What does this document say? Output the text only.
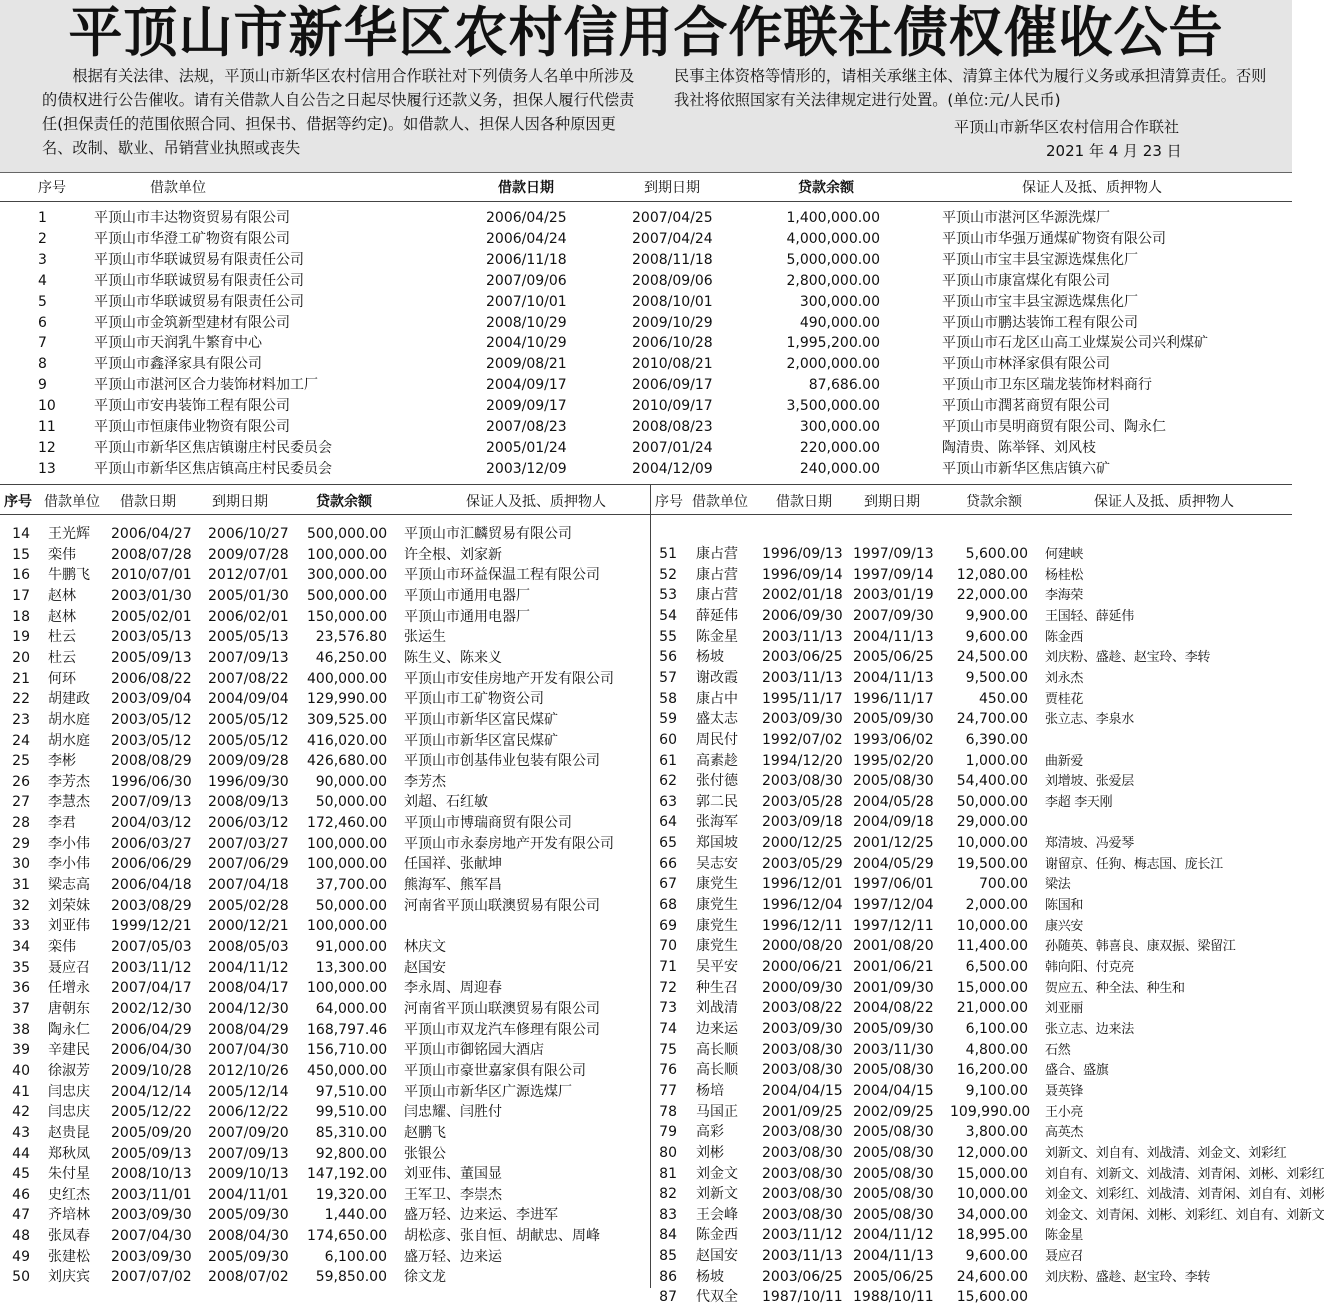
平顶山市新华区农村信用合作联社债权催收公告
根据有关法律、法规，平顶山市新华区农村信用合作联社对下列债务人名单中所涉及的债权进行公告催收。请有关借款人自公告之日起尽快履行还款义务，担保人履行代偿责任(担保责任的范围依照合同、担保书、借据等约定)。如借款人、担保人因各种原因更名、改制、歇业、吊销营业执照或丧失
民事主体资格等情形的，请相关承继主体、清算主体代为履行义务或承担清算责任。否则我社将依照国家有关法律规定进行处置。(单位:元/人民币)
平顶山市新华区农村信用合作联社
2021 年 4 月 23 日
序号	借款单位	借款日期	到期日期	贷款余额	保证人及抵、质押物人
1	平顶山市丰达物资贸易有限公司	2006/04/25	2007/04/25	1,400,000.00	平顶山市湛河区华源洗煤厂
2	平顶山市华澄工矿物资有限公司	2006/04/24	2007/04/24	4,000,000.00	平顶山市华强万通煤矿物资有限公司
3	平顶山市华联诚贸易有限责任公司	2006/11/18	2008/11/18	5,000,000.00	平顶山市宝丰县宝源选煤焦化厂
4	平顶山市华联诚贸易有限责任公司	2007/09/06	2008/09/06	2,800,000.00	平顶山市康富煤化有限公司
5	平顶山市华联诚贸易有限责任公司	2007/10/01	2008/10/01	300,000.00	平顶山市宝丰县宝源选煤焦化厂
6	平顶山市金筑新型建材有限公司	2008/10/29	2009/10/29	490,000.00	平顶山市鹏达装饰工程有限公司
7	平顶山市天润乳牛繁育中心	2004/10/29	2006/10/28	1,995,200.00	平顶山市石龙区山高工业煤炭公司兴利煤矿
8	平顶山市鑫泽家具有限公司	2009/08/21	2010/08/21	2,000,000.00	平顶山市林泽家俱有限公司
9	平顶山市湛河区合力装饰材料加工厂	2004/09/17	2006/09/17	87,686.00	平顶山市卫东区瑞龙装饰材料商行
10	平顶山市安冉装饰工程有限公司	2009/09/17	2010/09/17	3,500,000.00	平顶山市潤茗商贸有限公司
11	平顶山市恒康伟业物资有限公司	2007/08/23	2008/08/23	300,000.00	平顶山市昊明商贸有限公司、陶永仁
12	平顶山市新华区焦店镇谢庄村民委员会	2005/01/24	2007/01/24	220,000.00	陶清贵、陈举铎、刘风枝
13	平顶山市新华区焦店镇高庄村民委员会	2003/12/09	2004/12/09	240,000.00	平顶山市新华区焦店镇六矿
序号 借款单位 借款日期	到期日期	贷款余额	保证人及抵、质押物人	序号 借款单位 借款日期 到期日期	贷款余额	保证人及抵、质押物人
14 王光辉 2006/04/27 2006/10/27 500,000.00 平顶山市汇麟贸易有限公司
15 栾伟	2008/07/28 2009/07/28 100,000.00 许全根、刘家新
16 牛鹏飞 2010/07/01 2012/07/01 300,000.00 平顶山市环益保温工程有限公司
17 赵林	2003/01/30 2005/01/30 500,000.00 平顶山市通用电器厂
18 赵林	2005/02/01 2006/02/01 150,000.00 平顶山市通用电器厂
19 杜云	2003/05/13 2005/05/13	23,576.80 张运生
20 杜云	2005/09/13 2007/09/13	46,250.00 陈生义、陈来义
21 何环	2006/08/22 2007/08/22 400,000.00 平顶山市安佳房地产开发有限公司
22 胡建政 2003/09/04 2004/09/04 129,990.00 平顶山市工矿物资公司
23 胡水庭 2003/05/12 2005/05/12 309,525.00 平顶山市新华区富民煤矿
24 胡水庭 2003/05/12 2005/05/12 416,020.00 平顶山市新华区富民煤矿
25 李彬	2008/08/29 2009/09/28 426,680.00 平顶山市创基伟业包装有限公司
26 李芳杰 1996/06/30 1996/09/30	90,000.00 李芳杰
27 李慧杰 2007/09/13 2008/09/13	50,000.00 刘超、石红敏
28 李君	2004/03/12 2006/03/12 172,460.00 平顶山市博瑞商贸有限公司
29 李小伟 2006/03/27 2007/03/27 100,000.00 平顶山市永泰房地产开发有限公司
30 李小伟 2006/06/29 2007/06/29 100,000.00 任国祥、张献坤
31 梁志高 2006/04/18 2007/04/18	37,700.00 熊海军、熊军昌
32 刘荣妹 2003/08/29 2005/02/28	50,000.00 河南省平顶山联澳贸易有限公司
33 刘亚伟 1999/12/21 2000/12/21 100,000.00
34 栾伟	2007/05/03 2008/05/03	91,000.00 林庆文
35 聂应召 2003/11/12 2004/11/12	13,300.00 赵国安
36 任增永 2007/04/17 2008/04/17 100,000.00 李永周、周迎春
37 唐朝东 2002/12/30 2004/12/30	64,000.00 河南省平顶山联澳贸易有限公司
38 陶永仁 2006/04/29 2008/04/29 168,797.46 平顶山市双龙汽车修理有限公司
39 辛建民 2006/04/30 2007/04/30 156,710.00 平顶山市御铭园大酒店
40 徐淑芳 2009/10/28 2012/10/26 450,000.00 平顶山市豪世嘉家俱有限公司
41 闫忠庆 2004/12/14 2005/12/14	97,510.00 平顶山市新华区广源选煤厂
42 闫忠庆 2005/12/22 2006/12/22	99,510.00 闫忠耀、闫胜付
43 赵贵昆 2005/09/20 2007/09/20	85,310.00 赵鹏飞
44 郑秋凤 2005/09/13 2007/09/13	92,800.00 张银公
45 朱付星 2008/10/13 2009/10/13 147,192.00 刘亚伟、董国显
46 史红杰 2003/11/01 2004/11/01	19,320.00 王军卫、李崇杰
47 齐培林 2003/09/30 2005/09/30	1,440.00 盛万轻、边来运、李进军
48 张凤春 2007/04/30 2008/04/30 174,650.00 胡松彦、张自恒、胡献忠、周峰
49 张建松 2003/09/30 2005/09/30	6,100.00 盛万轻、边来运
50 刘庆宾 2007/07/02 2008/07/02	59,850.00 徐文龙
51 康占营 1996/09/13 1997/09/13	5,600.00 何建峡
52 康占营 1996/09/14 1997/09/14	12,080.00 杨桂松
53 康占营 2002/01/18 2003/01/19	22,000.00 李海荣
54 薛延伟 2006/09/30 2007/09/30	9,900.00 王国轻、薛延伟
55 陈金星 2003/11/13 2004/11/13	9,600.00 陈金西
56 杨坡	2003/06/25 2005/06/25	24,500.00 刘庆粉、盛趁、赵宝玲、李转
57 谢改霞 2003/11/13 2004/11/13	9,500.00 刘永杰
58 康占中 1995/11/17 1996/11/17	450.00 贾桂花
59 盛太志 2003/09/30 2005/09/30	24,700.00 张立志、李泉水
60 周民付 1992/07/02 1993/06/02	6,390.00
61 高素趁 1994/12/20 1995/02/20	1,000.00 曲新爱
62 张付德 2003/08/30 2005/08/30	54,400.00 刘增坡、张爱层
63 郭二民 2003/05/28 2004/05/28	50,000.00 李超 李天刚
64 张海军 2003/09/18 2004/09/18	29,000.00
65 郑国坡 2000/12/25 2001/12/25	10,000.00 郑清坡、冯爱琴
66 吴志安 2003/05/29 2004/05/29	19,500.00 谢留京、任狗、梅志国、庞长江
67 康党生 1996/12/01 1997/06/01	700.00 梁法
68 康党生 1996/12/04 1997/12/04	2,000.00 陈国和
69 康党生 1996/12/11 1997/12/11	10,000.00 康兴安
70 康党生 2000/08/20 2001/08/20	11,400.00 孙随英、韩喜良、康双振、梁留江
71 吴平安 2000/06/21 2001/06/21	6,500.00 韩向阳、付克亮
72 种生召 2000/09/30 2001/09/30	15,000.00 贺应五、种全法、种生和
73 刘战清 2003/08/22 2004/08/22	21,000.00 刘亚丽
74 边来运 2003/09/30 2005/09/30	6,100.00 张立志、边来法
75 高长顺 2003/08/30 2003/11/30	4,800.00 石然
76 高长顺 2003/08/30 2005/08/30	16,200.00 盛合、盛旗
77 杨培	2004/04/15 2004/04/15	9,100.00 聂英锋
78 马国正 2001/09/25 2002/09/25 109,990.00 王小亮
79 高彩	2003/08/30 2005/08/30	3,800.00 高英杰
80 刘彬	2003/08/30 2005/08/30	12,000.00 刘新文、刘自有、刘战清、刘金文、刘彩红
81 刘金文 2003/08/30 2005/08/30	15,000.00 刘自有、刘新文、刘战清、刘青闲、刘彬、刘彩红
82 刘新文 2003/08/30 2005/08/30	10,000.00 刘金文、刘彩红、刘战清、刘青闲、刘自有、刘彬
83 王会峰 2003/08/30 2005/08/30	34,000.00 刘金文、刘青闲、刘彬、刘彩红、刘自有、刘新文
84 陈金西 2003/11/12 2004/11/12	18,995.00 陈金星
85 赵国安 2003/11/13 2004/11/13	9,600.00 聂应召
86 杨坡	2003/06/25 2005/06/25	24,600.00 刘庆粉、盛趁、赵宝玲、李转
87 代双全 1987/10/11 1988/10/11	15,600.00
